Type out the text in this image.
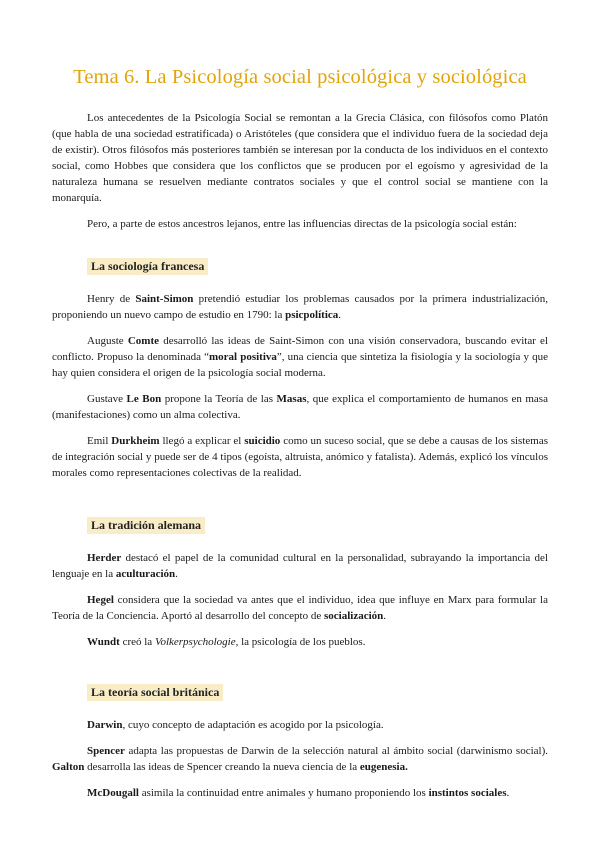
Tema 6. La Psicología social psicológica y sociológica

Los antecedentes de la Psicología Social se remontan a la Grecia Clásica, con filósofos como Platón (que habla de una sociedad estratificada) o Aristóteles (que considera que el individuo fuera de la sociedad deja de existir). Otros filósofos más posteriores también se interesan por la conducta de los individuos en el contexto social, como Hobbes que considera que los conflictos que se producen por el egoísmo y agresividad de la naturaleza humana se resuelven mediante contratos sociales y que el control social se mantiene con la monarquía.

Pero, a parte de estos ancestros lejanos, entre las influencias directas de la psicología social están:

La sociología francesa

Henry de Saint-Simon pretendió estudiar los problemas causados por la primera industrialización, proponiendo un nuevo campo de estudio en 1790: la psicpolítica.

Auguste Comte desarrolló las ideas de Saint-Simon con una visión conservadora, buscando evitar el conflicto. Propuso la denominada “moral positiva”, una ciencia que sintetiza la fisiología y la sociología y que hay quien considera el origen de la psicología social moderna.

Gustave Le Bon propone la Teoría de las Masas, que explica el comportamiento de humanos en masa (manifestaciones) como un alma colectiva.

Emil Durkheim llegó a explicar el suicidio como un suceso social, que se debe a causas de los sistemas de integración social y puede ser de 4 tipos (egoísta, altruista, anómico y fatalista). Además, explicó los vínculos morales como representaciones colectivas de la realidad.

La tradición alemana

Herder destacó el papel de la comunidad cultural en la personalidad, subrayando la importancia del lenguaje en la aculturación.

Hegel considera que la sociedad va antes que el individuo, idea que influye en Marx para formular la Teoría de la Conciencia. Aportó al desarrollo del concepto de socialización.

Wundt creó la Volkerpsychologie, la psicología de los pueblos.

La teoría social británica

Darwin, cuyo concepto de adaptación es acogido por la psicología.

Spencer adapta las propuestas de Darwin de la selección natural al ámbito social (darwinismo social). Galton desarrolla las ideas de Spencer creando la nueva ciencia de la eugenesia.

McDougall asimila la continuidad entre animales y humano proponiendo los instintos sociales.
